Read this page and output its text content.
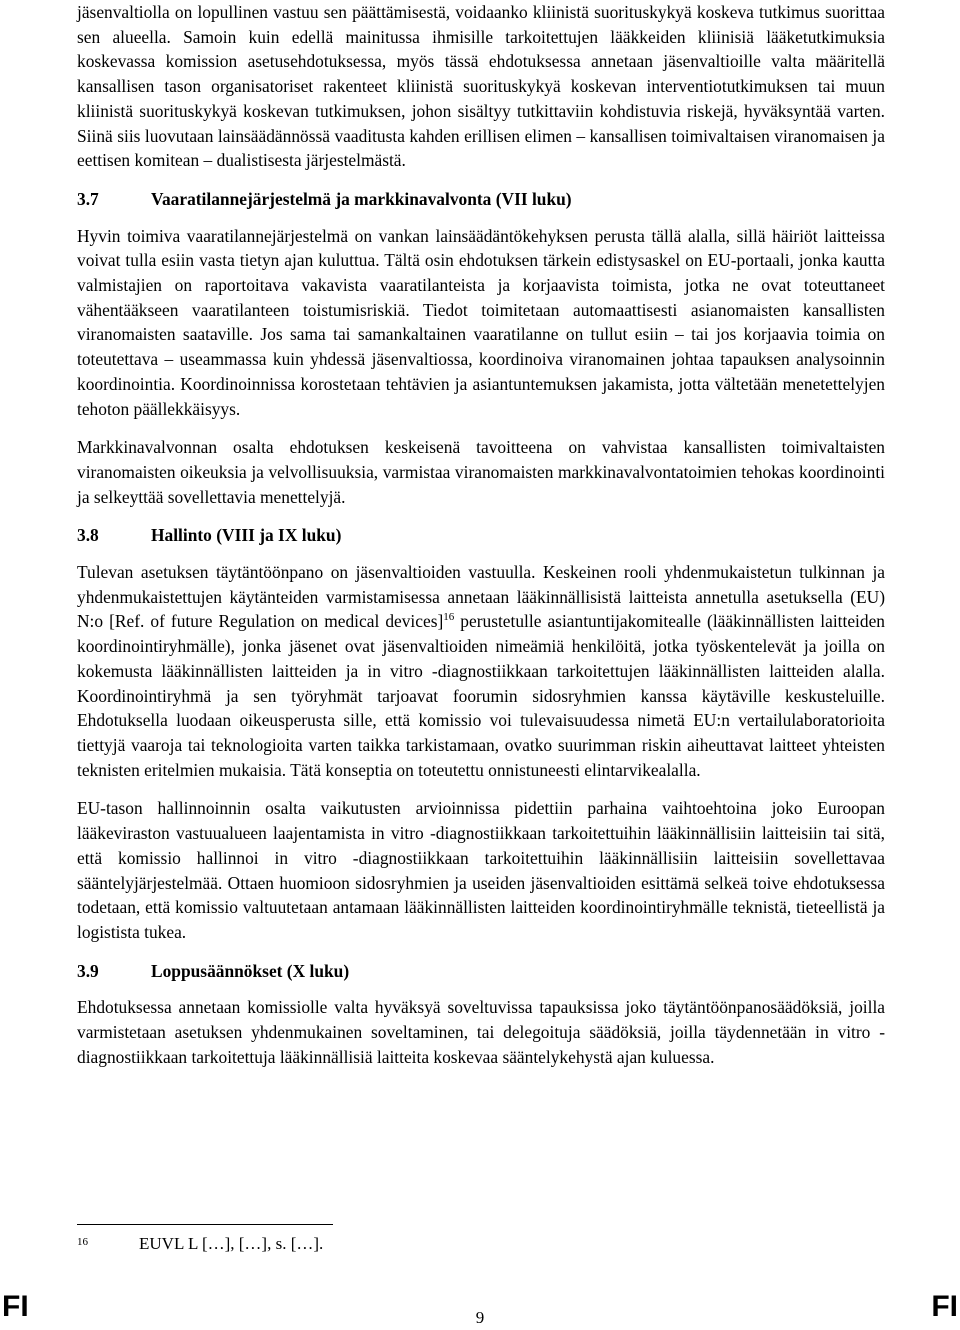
jäsenvaltiolla on lopullinen vastuu sen päättämisestä, voidaanko kliinistä suorituskykyä koskeva tutkimus suorittaa sen alueella. Samoin kuin edellä mainitussa ihmisille tarkoitettujen lääkkeiden kliinisiä lääketutkimuksia koskevassa komission asetusehdotuksessa, myös tässä ehdotuksessa annetaan jäsenvaltioille valta määritellä kansallisen tason organisatoriset rakenteet kliinistä suorituskykyä koskevan interventiotutkimuksen tai muun kliinistä suorituskykyä koskevan tutkimuksen, johon sisältyy tutkittaviin kohdistuvia riskejä, hyväksyntää varten. Siinä siis luovutaan lainsäädännössä vaaditusta kahden erillisen elimen – kansallisen toimivaltaisen viranomaisen ja eettisen komitean – dualistisesta järjestelmästä.

3.7	Vaaratilannejärjestelmä ja markkinavalvonta (VII luku)

Hyvin toimiva vaaratilannejärjestelmä on vankan lainsäädäntökehyksen perusta tällä alalla, sillä häiriöt laitteissa voivat tulla esiin vasta tietyn ajan kuluttua. Tältä osin ehdotuksen tärkein edistysaskel on EU-portaali, jonka kautta valmistajien on raportoitava vakavista vaaratilanteista ja korjaavista toimista, jotka ne ovat toteuttaneet vähentääkseen vaaratilanteen toistumisriskiä. Tiedot toimitetaan automaattisesti asianomaisten kansallisten viranomaisten saataville. Jos sama tai samankaltainen vaaratilanne on tullut esiin – tai jos korjaavia toimia on toteutettava – useammassa kuin yhdessä jäsenvaltiossa, koordinoiva viranomainen johtaa tapauksen analysoinnin koordinointia. Koordinoinnissa korostetaan tehtävien ja asiantuntemuksen jakamista, jotta vältetään menetettelyjen tehoton päällekkäisyys.

Markkinavalvonnan osalta ehdotuksen keskeisenä tavoitteena on vahvistaa kansallisten toimivaltaisten viranomaisten oikeuksia ja velvollisuuksia, varmistaa viranomaisten markkinavalvontatoimien tehokas koordinointi ja selkeyttää sovellettavia menettelyjä.

3.8	Hallinto (VIII ja IX luku)

Tulevan asetuksen täytäntöönpano on jäsenvaltioiden vastuulla. Keskeinen rooli yhdenmukaistetun tulkinnan ja yhdenmukaistettujen käytänteiden varmistamisessa annetaan lääkinnällisistä laitteista annetulla asetuksella (EU) N:o [Ref. of future Regulation on medical devices]$^{16}$ perustetulle asiantuntijakomitealle (lääkinnällisten laitteiden koordinointiryhmälle), jonka jäsenet ovat jäsenvaltioiden nimeämiä henkilöitä, jotka työskentelevät ja joilla on kokemusta lääkinnällisten laitteiden ja in vitro -diagnostiikkaan tarkoitettujen lääkinnällisten laitteiden alalla. Koordinointiryhmä ja sen työryhmät tarjoavat foorumin sidosryhmien kanssa käytäville keskusteluille. Ehdotuksella luodaan oikeusperusta sille, että komissio voi tulevaisuudessa nimetä EU:n vertailulaboratorioita tiettyjä vaaroja tai teknologioita varten taikka tarkistamaan, ovatko suurimman riskin aiheuttavat laitteet yhteisten teknisten eritelmien mukaisia. Tätä konseptia on toteutettu onnistuneesti elintarvikealalla.

EU-tason hallinnoinnin osalta vaikutusten arvioinnissa pidettiin parhaina vaihtoehtoina joko Euroopan lääkeviraston vastuualueen laajentamista in vitro -diagnostiikkaan tarkoitettuihin lääkinnällisiin laitteisiin tai sitä, että komissio hallinnoi in vitro -diagnostiikkaan tarkoitettuihin lääkinnällisiin laitteisiin sovellettavaa sääntelyjärjestelmää. Ottaen huomioon sidosryhmien ja useiden jäsenvaltioiden esittämä selkeä toive ehdotuksessa todetaan, että komissio valtuutetaan antamaan lääkinnällisten laitteiden koordinointiryhmälle teknistä, tieteellistä ja logistista tukea.

3.9	Loppusäännökset (X luku)

Ehdotuksessa annetaan komissiolle valta hyväksyä soveltuvissa tapauksissa joko täytäntöönpanosäädöksiä, joilla varmistetaan asetuksen yhdenmukainen soveltaminen, tai delegoituja säädöksiä, joilla täydennetään in vitro -diagnostiikkaan tarkoitettuja lääkinnällisiä laitteita koskevaa sääntelykehystä ajan kuluessa.

16	EUVL L […], […], s. […].
FI	9	FI
